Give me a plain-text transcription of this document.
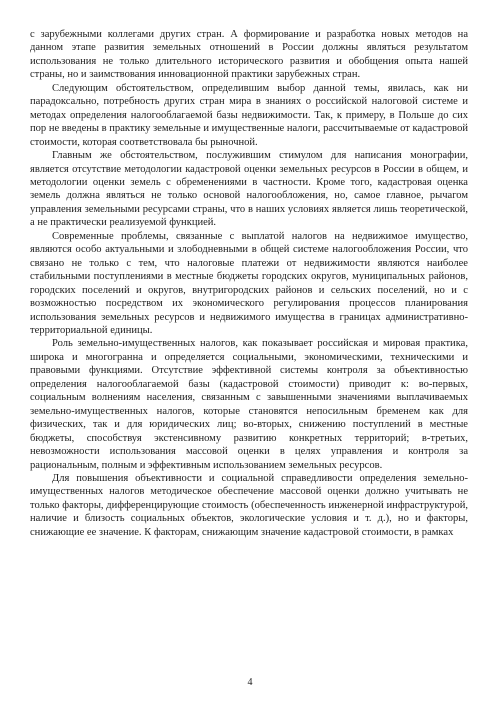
с зарубежными коллегами других стран. А формирование и разработка новых методов на данном этапе развития земельных отношений в России должны являться результатом использования не только длительного исторического развития и обобщения опыта нашей страны, но и заимствования инновационной практики зарубежных стран.

Следующим обстоятельством, определившим выбор данной темы, явилась, как ни парадоксально, потребность других стран мира в знаниях о российской налоговой системе и методах определения налогооблагаемой базы недвижимости. Так, к примеру, в Польше до сих пор не введены в практику земельные и имущественные налоги, рассчитываемые от кадастровой стоимости, которая соответствовала бы рыночной.

Главным же обстоятельством, послужившим стимулом для написания монографии, является отсутствие методологии кадастровой оценки земельных ресурсов в России в общем, и методологии оценки земель с обременениями в частности. Кроме того, кадастровая оценка земель должна являться не только основой налогообложения, но, самое главное, рычагом управления земельными ресурсами страны, что в наших условиях является лишь теоретической, а не практически реализуемой функцией.

Современные проблемы, связанные с выплатой налогов на недвижимое имущество, являются особо актуальными и злободневными в общей системе налогообложения России, что связано не только с тем, что налоговые платежи от недвижимости являются наиболее стабильными поступлениями в местные бюджеты городских округов, муниципальных районов, городских поселений и округов, внутригородских районов и сельских поселений, но и с возможностью посредством их экономического регулирования процессов планирования использования земельных ресурсов и недвижимого имущества в границах административно-территориальной единицы.

Роль земельно-имущественных налогов, как показывает российская и мировая практика, широка и многогранна и определяется социальными, экономическими, техническими и правовыми функциями. Отсутствие эффективной системы контроля за объективностью определения налогооблагаемой базы (кадастровой стоимости) приводит к: во-первых, социальным волнениям населения, связанным с завышенными значениями выплачиваемых земельно-имущественных налогов, которые становятся непосильным бременем как для физических, так и для юридических лиц; во-вторых, снижению поступлений в местные бюджеты, способствуя экстенсивному развитию конкретных территорий; в-третьих, невозможности использования массовой оценки в целях управления и контроля за рациональным, полным и эффективным использованием земельных ресурсов.

Для повышения объективности и социальной справедливости определения земельно-имущественных налогов методическое обеспечение массовой оценки должно учитывать не только факторы, дифференцирующие стоимость (обеспеченность инженерной инфраструктурой, наличие и близость социальных объектов, экологические условия и т. д.), но и факторы, снижающие ее значение. К факторам, снижающим значение кадастровой стоимости, в рамках

4
